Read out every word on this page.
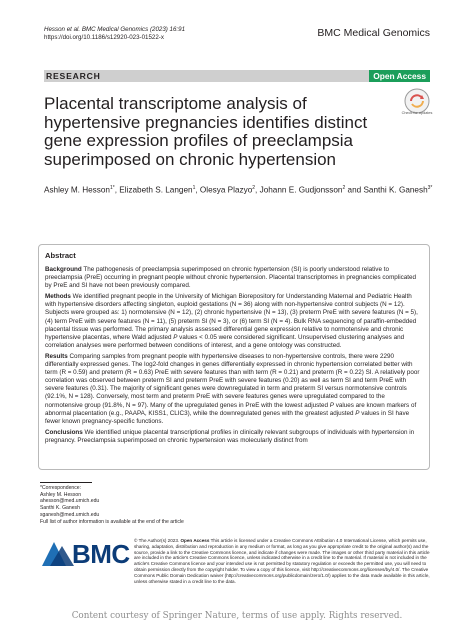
Hesson et al. BMC Medical Genomics (2023) 16:91
https://doi.org/10.1186/s12920-023-01522-x	BMC Medical Genomics
RESEARCH	Open Access
Placental transcriptome analysis of hypertensive pregnancies identifies distinct gene expression profiles of preeclampsia superimposed on chronic hypertension
Check for updates
Ashley M. Hesson$^{1*}$, Elizabeth S. Langen$^1$, Olesya Plazyo$^2$, Johann E. Gudjonsson$^2$ and Santhi K. Ganesh$^{3*}$
Abstract

Background The pathogenesis of preeclampsia superimposed on chronic hypertension (SI) is poorly understood relative to preeclampsia (PreE) occurring in pregnant people without chronic hypertension. Placental transcriptomes in pregnancies complicated by PreE and SI have not been previously compared.

Methods We identified pregnant people in the University of Michigan Biorepository for Understanding Maternal and Pediatric Health with hypertensive disorders affecting singleton, euploid gestations (N = 36) along with non-hypertensive control subjects (N = 12). Subjects were grouped as: 1) normotensive (N = 12), (2) chronic hypertensive (N = 13), (3) preterm PreE with severe features (N = 5), (4) term PreE with severe features (N = 11), (5) preterm SI (N = 3), or (6) term SI (N = 4). Bulk RNA sequencing of paraffin-embedded placental tissue was performed. The primary analysis assessed differential gene expression relative to normotensive and chronic hypertensive placentas, where Wald adjusted P values < 0.05 were considered significant. Unsupervised clustering analyses and correlation analyses were performed between conditions of interest, and a gene ontology was constructed.

Results Comparing samples from pregnant people with hypertensive diseases to non-hypertensive controls, there were 2290 differentially expressed genes. The log2-fold changes in genes differentially expressed in chronic hypertension correlated better with term (R = 0.59) and preterm (R = 0.63) PreE with severe features than with term (R = 0.21) and preterm (R = 0.22) SI. A relatively poor correlation was observed between preterm SI and preterm PreE with severe features (0.20) as well as term SI and term PreE with severe features (0.31). The majority of significant genes were downregulated in term and preterm SI versus normotensive controls (92.1%, N = 128). Conversely, most term and preterm PreE with severe features genes were upregulated compared to the normotensive group (91.8%, N = 97). Many of the upregulated genes in PreE with the lowest adjusted P values are known markers of abnormal placentation (e.g., PAAPA, KISS1, CLIC3), while the downregulated genes with the greatest adjusted P values in SI have fewer known pregnancy-specific functions.

Conclusions We identified unique placental transcriptional profiles in clinically relevant subgroups of individuals with hypertension in pregnancy. Preeclampsia superimposed on chronic hypertension was molecularly distinct from

*Correspondence:
Ashley M. Hesson
ahesson@med.umich.edu
Santhi K. Ganesh
sganesh@med.umich.edu
Full list of author information is available at the end of the article
BMC © The Author(s) 2023. Open Access This article is licensed under a Creative Commons Attribution 4.0 International License, which permits use, sharing, adaptation, distribution and reproduction in any medium or format, as long as you give appropriate credit to the original author(s) and the source, provide a link to the Creative Commons licence, and indicate if changes were made. The images or other third party material in this article are included in the article's Creative Commons licence, unless indicated otherwise in a credit line to the material. If material is not included in the article's Creative Commons licence and your intended use is not permitted by statutory regulation or exceeds the permitted use, you will need to obtain permission directly from the copyright holder. To view a copy of this licence, visit http://creativecommons.org/licenses/by/4.0/. The Creative Commons Public Domain Dedication waiver (http://creativecommons.org/publicdomain/zero/1.0/) applies to the data made available in this article, unless otherwise stated in a credit line to the data.
Content courtesy of Springer Nature, terms of use apply. Rights reserved.
